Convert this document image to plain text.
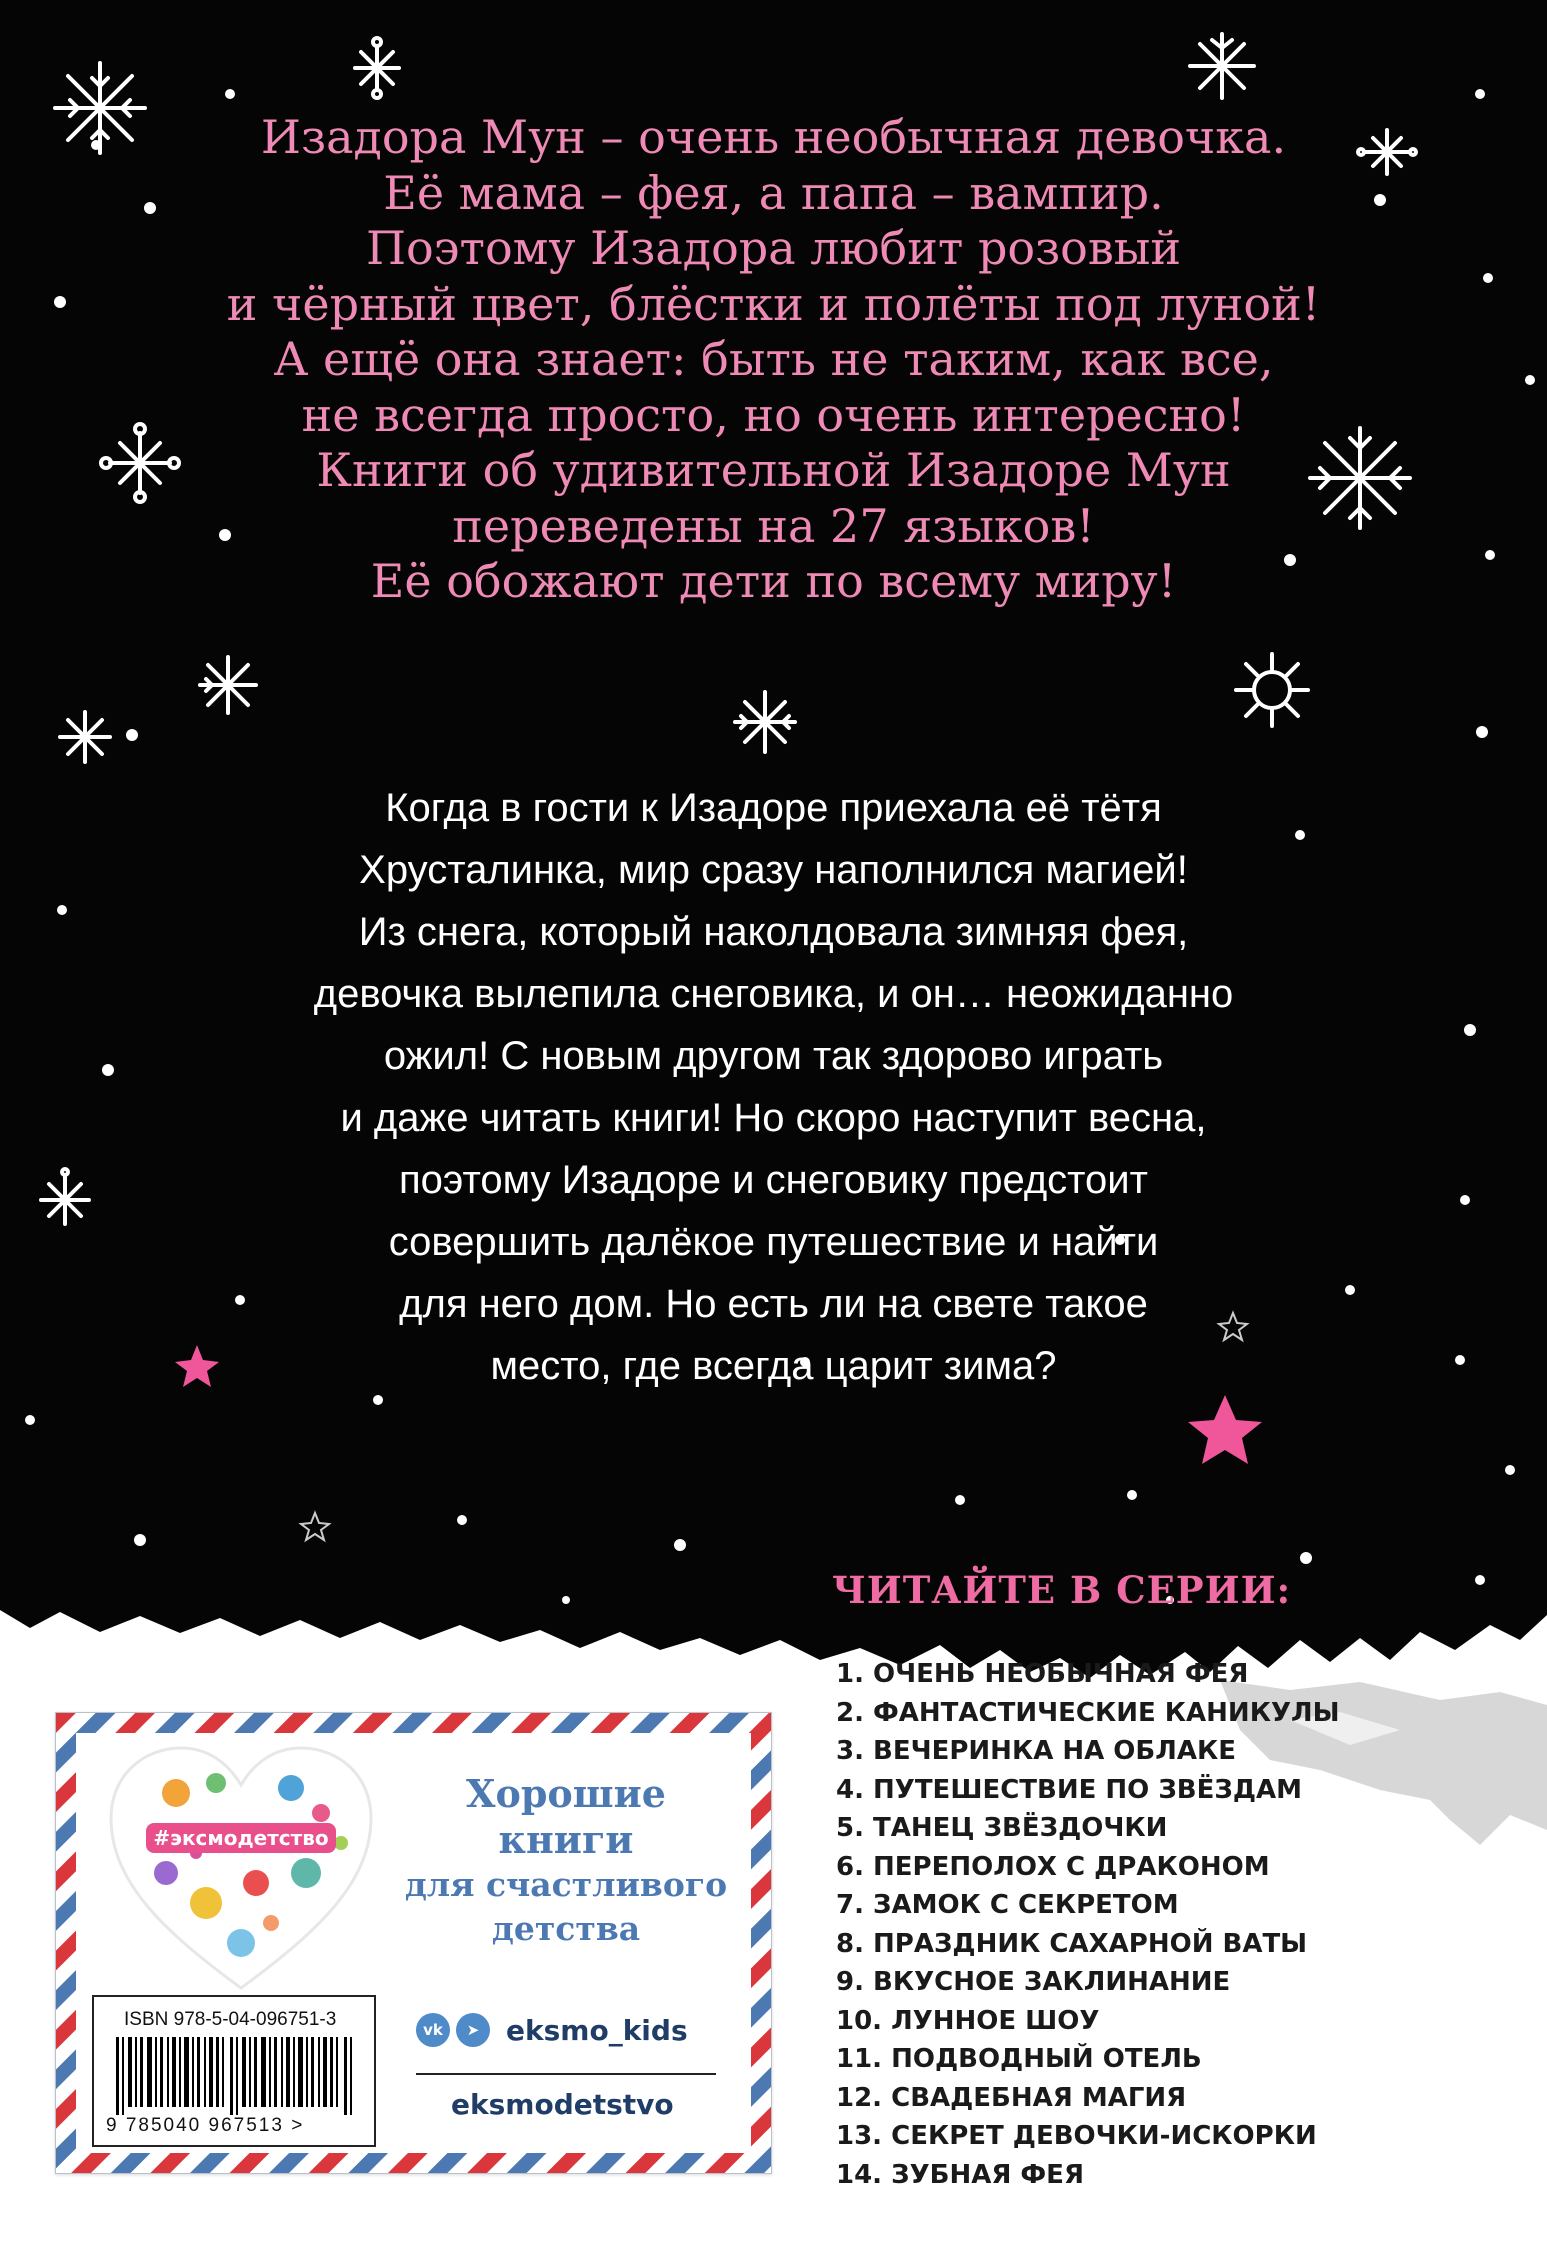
Изадора Мун – очень необычная девочка.
Её мама – фея, а папа – вампир.
Поэтому Изадора любит розовый
и чёрный цвет, блёстки и полёты под луной!
А ещё она знает: быть не таким, как все,
не всегда просто, но очень интересно!
Книги об удивительной Изадоре Мун
переведены на 27 языков!
Её обожают дети по всему миру!
Когда в гости к Изадоре приехала её тётя
Хрусталинка, мир сразу наполнился магией!
Из снега, который наколдовала зимняя фея,
девочка вылепила снеговика, и он… неожиданно
ожил! С новым другом так здорово играть
и даже читать книги! Но скоро наступит весна,
поэтому Изадоре и снеговику предстоит
совершить далёкое путешествие и найти
для него дом. Но есть ли на свете такое
место, где всегда царит зима?
ЧИТАЙТЕ В СЕРИИ:
1. ОЧЕНЬ НЕОБЫЧНАЯ ФЕЯ
2. ФАНТАСТИЧЕСКИЕ КАНИКУЛЫ
3. ВЕЧЕРИНКА НА ОБЛАКЕ
4. ПУТЕШЕСТВИЕ ПО ЗВЁЗДАМ
5. ТАНЕЦ ЗВЁЗДОЧКИ
6. ПЕРЕПОЛОХ С ДРАКОНОМ
7. ЗАМОК С СЕКРЕТОМ
8. ПРАЗДНИК САХАРНОЙ ВАТЫ
9. ВКУСНОЕ ЗАКЛИНАНИЕ
10. ЛУННОЕ ШОУ
11. ПОДВОДНЫЙ ОТЕЛЬ
12. СВАДЕБНАЯ МАГИЯ
13. СЕКРЕТ ДЕВОЧКИ-ИСКОРКИ
14. ЗУБНАЯ ФЕЯ
#эксмодетство
Хорошие
книги
для счастливого
детства
ISBN 978-5-04-096751-3
9 785040 967513 >
vk	➤ eksmo_kids
eksmodetstvo
